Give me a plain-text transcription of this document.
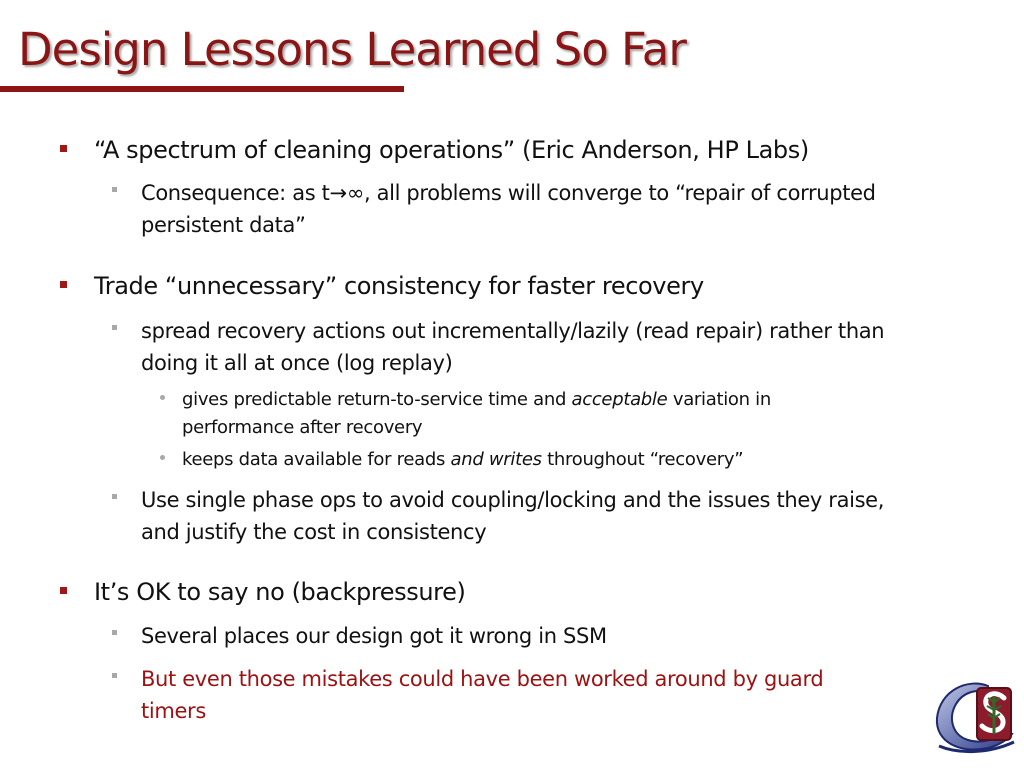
Design Lessons Learned So Far
“A spectrum of cleaning operations” (Eric Anderson, HP Labs)
Consequence: as t→∞, all problems will converge to “repair of corrupted
persistent data”
Trade “unnecessary” consistency for faster recovery
spread recovery actions out incrementally/lazily (read repair) rather than
doing it all at once (log replay)
gives predictable return-to-service time and acceptable variation in
performance after recovery
keeps data available for reads and writes throughout “recovery”
Use single phase ops to avoid coupling/locking and the issues they raise,
and justify the cost in consistency
It’s OK to say no (backpressure)
Several places our design got it wrong in SSM
But even those mistakes could have been worked around by guard
timers
